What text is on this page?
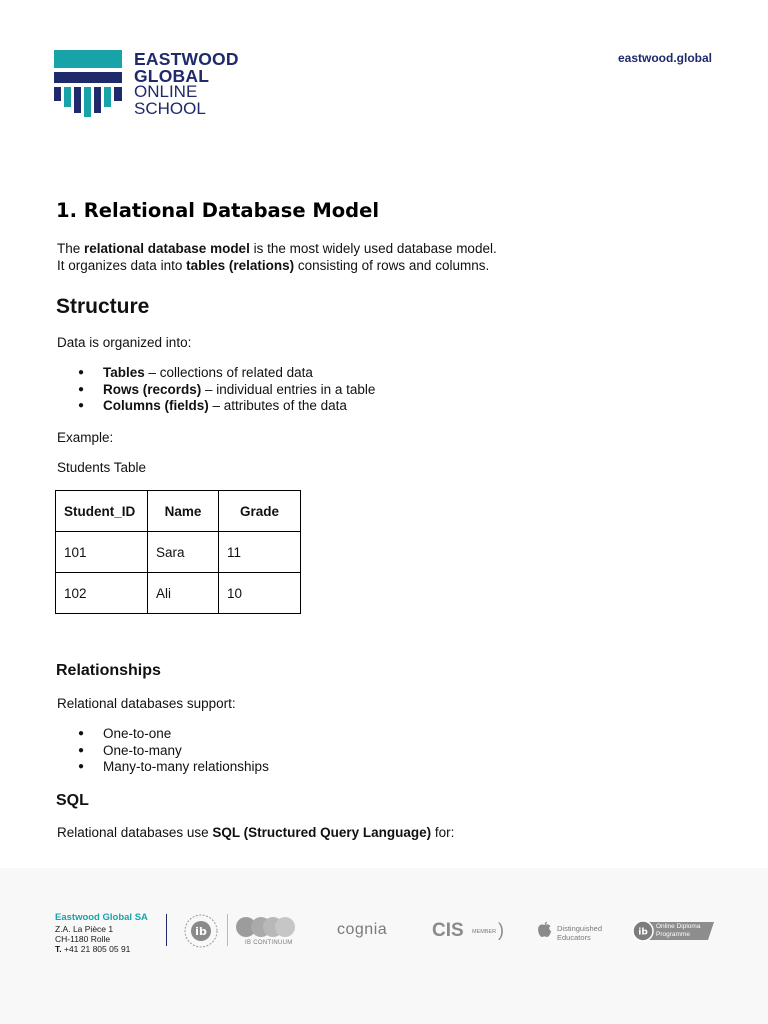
EASTWOOD
GLOBAL
ONLINE
SCHOOL
eastwood.global
1. Relational Database Model

The relational database model is the most widely used database model.
It organizes data into tables (relations) consisting of rows and columns.

Structure

Data is organized into:

● Tables – collections of related data
● Rows (records) – individual entries in a table
● Columns (fields) – attributes of the data

Example:

Students Table

Student_ID	Name	Grade
101	Sara	11
102	Ali	10
Relationships

Relational databases support:

● One-to-one
● One-to-many
● Many-to-many relationships
SQL

Relational databases use SQL (Structured Query Language) for:

Eastwood Global SA
Z.A. La Pièce 1
CH-1180 Rolle
T. +41 21 805 05 91
ib
IB CONTINUUM
cognia CIS MEMBER )	Distinguished
Educators	ib
Online Diploma
Programme
